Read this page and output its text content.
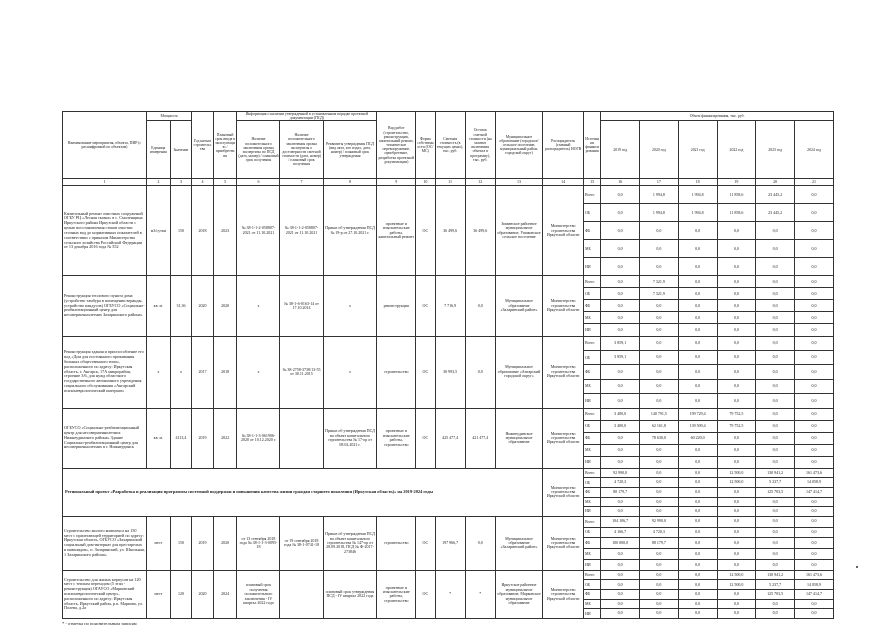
Наименование мероприятия, объекта, ПИР (с расшифровкой по объектам)	Мощность		Год начала строительства	Плановый срок ввода в эксплуатацию / приобретения	Информация о наличии утвержденной в установленном порядке проектной документации (ПСД)			Вид работ (строительство, реконструкция, капитальный ремонт, техническое перевооружение, приобретение, разработка проектной документации)	Форма собственности (ОС/МС)	Сметная стоимость (в текущих ценах), тыс. руб.	Остаток сметной стоимости (на момент включения объекта в программу), тыс. руб.	Муниципальное образование (городское/сельское поселение, муниципальный район, городской округ)	Распорядитель (главный распорядитель) ИОГВ	Источники финансирования	Объем финансирования, тыс. руб.					
	Единица измерения	Значение			Наличие положительного заключения органа экспертизы по ПСД (дата, номер) / плановый срок получения	Наличие положительного заключения органа экспертизы о достоверности сметной стоимости (дата, номер) / плановый срок получения	Реквизиты утверждения ПСД (вид акта, кто издал, дата, номер) / плановый срок утверждения								2019 год	2020 год	2021 год	2022 год	2023 год	2024 год
1	2	3	4	5	6	7	8	9	10	11	12	13	14	15	16	17	18	19	20	21
Капитальный ремонт очистных сооружений ОГБУ РЦ «Лесная сказка» в с. Смоленщина Иркутского района Иркутской области с целью восстановления стоков очистки сточных вод до нормативных показателей в соответствии с приказом Министерства сельского хозяйства Российской Федерации от 13 декабря 2016 года № 552	м3/сутки	150	2018	2023	№ 38-1-1-2-058807-2021 от 11.10.2021	№ 38-1-1-2-058807-2021 от 11.10.2021	Приказ об утверждении ПСД № 19-р от 27.10.2021 г.	проектные и изыскательские работы, капитальный ремонт	ОС	36 499,6	36 499,6	Зиминское районное муниципальное образование, Ушаковское сельское поселение	Министерство строительства Иркутской области	Всего	0,0	1 994,8	1 994,8	11 858,6	23 445,2	0,0
														ОБ	0,0	1 994,8	1 994,8	11 858,6	23 445,2	0,0
														ФБ	0,0	0,0	0,0	0,0	0,0	0,0
														МБ	0,0	0,0	0,0	0,0	0,0	0,0
														ИИ	0,0	0,0	0,0	0,0	0,0	0,0
Реконструкция теплового пункта дома (устройство тамбура в помещении веранды, устройство пандусов) ОГБУСО «Социально-реабилитационный центр для несовершеннолетних Заларинского района»	кв. м.	31,36	2020	2020	x	№ 38-1-6-0163-14 от 17.10.2014	x	реконструкция	ОС	7 716,9	0,0	Муниципальное образование «Заларинский район»	Министерство строительства Иркутской области	Всего	0,0	7 321,9	0,0	0,0	0,0	0,0
														ОБ	0,0	7 321,9	0,0	0,0	0,0	0,0
														ФБ	0,0	0,0	0,0	0,0	0,0	0,0
														МБ	0,0	0,0	0,0	0,0	0,0	0,0
														ИИ	0,0	0,0	0,0	0,0	0,0	0,0
Реконструкция здания и приспособление его под «Дом для постоянного проживания больных общественного типа», расположенного по адресу: Иркутская область, г. Ангарск, 17А микрорайон, строение 3/6, для нужд областного государственного автономного учреждения социального обслуживания «Ангарский психоневрологический интернат»	x	x	2017	2018	x	№ 38-2758-3738/13-55 от 30.11.2015	x	строительство	ОС	30 993,5	0,0	Муниципальное образование «Ангарский городской округ»	Министерство строительства Иркутской области	Всего	3 859,1	0,0	0,0	0,0	0,0	0,0
														ОБ	3 859,1	0,0	0,0	0,0	0,0	0,0
														ФБ	0,0	0,0	0,0	0,0	0,0	0,0
														МБ	0,0	0,0	0,0	0,0	0,0	0,0
														ИИ	0,0	0,0	0,0	0,0	0,0	0,0
ОГБУСО «Социально-реабилитационный центр для несовершеннолетних Нижнеудинского района» Здание Социально-реабилитационный центр для несовершеннолетних в г. Нижнеудинск	кв. м.	4113,4	2019	2022	№ 38-1-1-3-061906-2020 от 10.12.2020 г.		Приказ об утверждении ПСД на объект капитального строительства № 17-ор от 08.02.2021 г.	проектные и изыскательские работы, строительство	ОС	425 477,4	421 477,4	Нижнеудинское муниципальное образование	Министерство строительства Иркутской области	Всего	3 400,0	140 791,5	199 729,4	79 752,5	0,0	0,0
														ОБ	3 400,0	62 161,8	139 509,4	79 752,5	0,0	0,0
														ФБ	0,0	78 630,0	60 220,0	0,0	0,0	0,0
														МБ	0,0	0,0	0,0	0,0	0,0	0,0
														ИИ	0,0	0,0	0,0	0,0	0,0	0,0
Региональный проект «Разработка и реализация программы системной поддержки и повышения качества жизни граждан старшего поколения (Иркутская область)» на 2019-2024 годы													Министерство строительства Иркутской области	Всего	92 990,0	0,0	0,0	12 500,0	130 941,2	161 473,6
														ОБ	4 720,3	0,0	0,0	12 500,0	5 237,7	14 058,9
														ФБ	88 179,7	0,0	0,0	0,0	125 703,5	147 414,7
														МБ	0,0	0,0	0,0	0,0	0,0	0,0
														ИИ	0,0	0,0	0,0	0,0	0,0	0,0
Строительство жилого комплекса на 150 мест с прилегающей территорией по адресу: Иркутская область, ОГБУСО «Заларинский социальный дом-интернат для престарелых и инвалидов», п. Заларинский, ул. Школьная, 1 Заларинского района»	мест	150	2019	2020	от 13 сентября 2018 года № 38-1-1-3-0095-18	от 19 сентября 2018 года № 38-1-0741-18	Приказ об утверждении ПСД на объект капитального строительства № 147-ор от 28.09.2018, ПСД № Ф-2017-273846	строительство	ОС	197 966,7	0,0	Муниципальное образование «Заларинский район»	Министерство строительства Иркутской области	Всего	104 106,7	92 990,0	0,0	0,0	0,0	0,0
														ОБ	4 166,7	4 720,3	0,0	0,0	0,0	0,0
														ФБ	100 000,0	88 179,7	0,0	0,0	0,0	0,0
														МБ	0,0	0,0	0,0	0,0	0,0	0,0
														ИИ	0,0	0,0	0,0	0,0	0,0	0,0
Строительство для жилых корпусов на 120 мест с теплым переходом (5 этап - реконструкция) ОГАУСО «Марковский психоневрологический центр», расположенного по адресу: Иркутская область, Иркутский район, р.п. Маркова, ул. Полева, д.2а	мест	120	2020	2024	плановый срок получения положительного заключения - IV квартал 2022 года		плановый срок утверждения ПСД - IV квартал 2022 года	проектные и изыскательские работы, строительство	ОС	*	*	Иркутское районное муниципальное образование, Марковское муниципальное образование	Министерство строительства Иркутской области	Всего	0,0	0,0	0,0	12 500,0	130 941,2	161 473,6
														ОБ	0,0	0,0	0,0	12 500,0	5 237,7	14 058,9
														ФБ	0,0	0,0	0,0	0,0	125 703,5	147 414,7
														МБ	0,0	0,0	0,0	0,0	0,0	0,0
														ИИ	0,0	0,0	0,0	0,0	0,0	0,0
* - отметка по пояснительным записям
